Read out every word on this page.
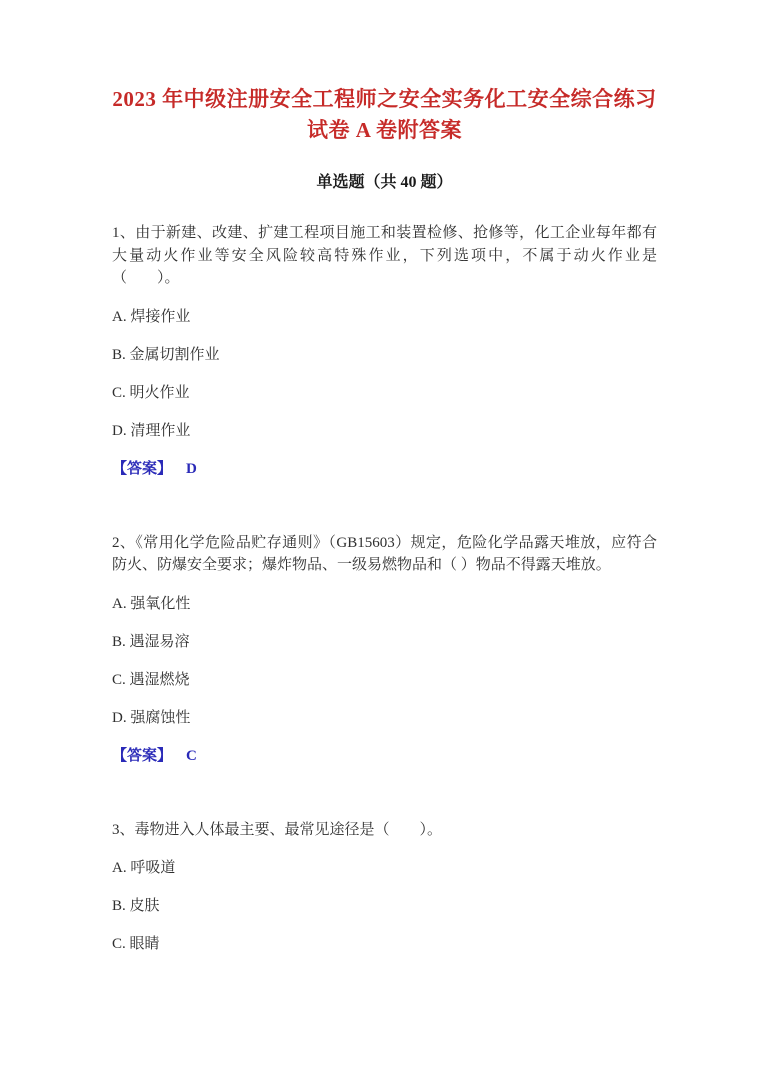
2023 年中级注册安全工程师之安全实务化工安全综合练习试卷 A 卷附答案
单选题（共 40 题）

1、由于新建、改建、扩建工程项目施工和装置检修、抢修等，化工企业每年都有大量动火作业等安全风险较高特殊作业，下列选项中，不属于动火作业是（　　）。

A. 焊接作业

B. 金属切割作业

C. 明火作业

D. 清理作业

【答案】 D

2、《常用化学危险品贮存通则》（GB15603）规定，危险化学品露天堆放，应符合防火、防爆安全要求；爆炸物品、一级易燃物品和（ ）物品不得露天堆放。

A. 强氧化性

B. 遇湿易溶

C. 遇湿燃烧

D. 强腐蚀性

【答案】 C

3、毒物进入人体最主要、最常见途径是（　　）。

A. 呼吸道

B. 皮肤

C. 眼睛
